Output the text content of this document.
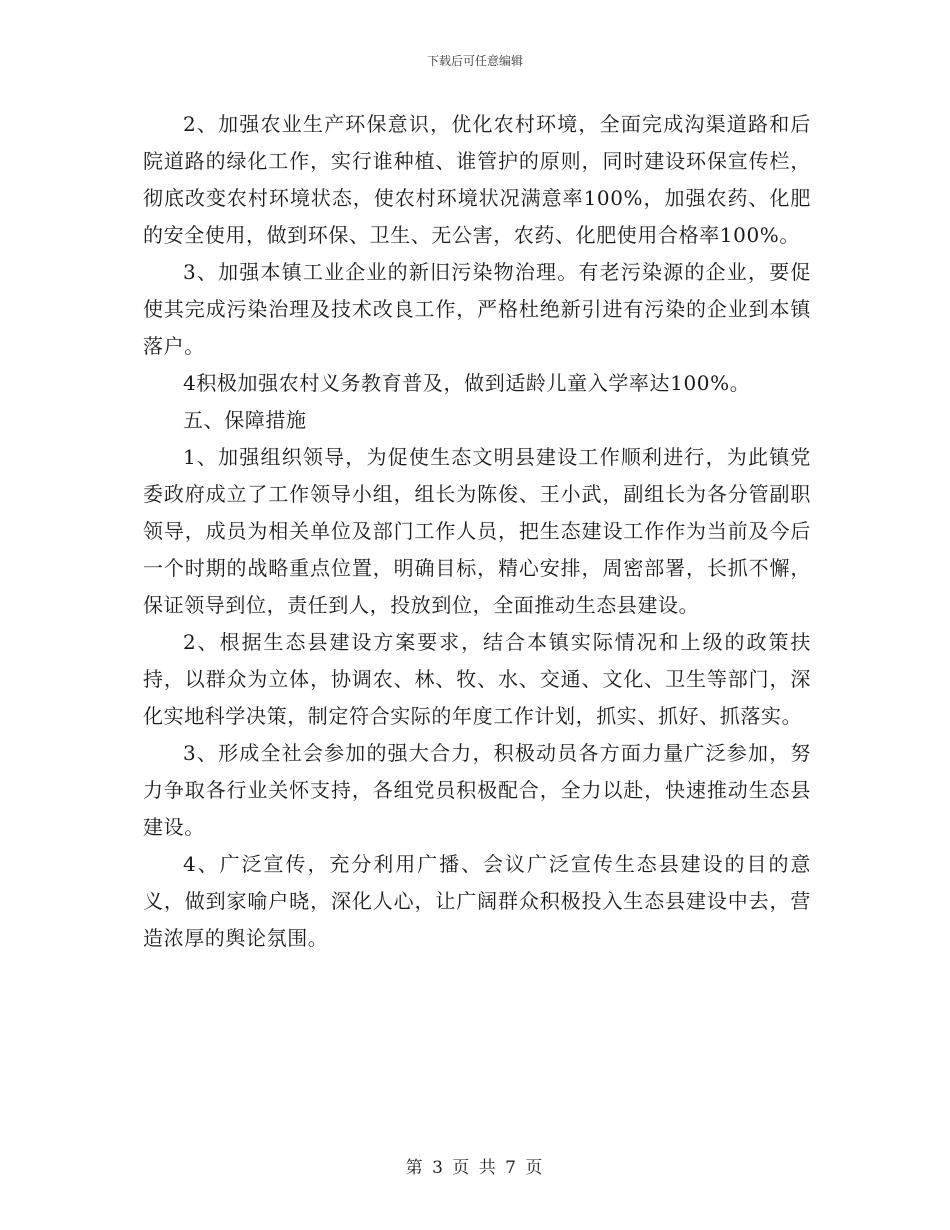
下载后可任意编辑

2、加强农业生产环保意识，优化农村环境，全面完成沟渠道路和后院道路的绿化工作，实行谁种植、谁管护的原则，同时建设环保宣传栏，彻底改变农村环境状态，使农村环境状况满意率100%，加强农药、化肥的安全使用，做到环保、卫生、无公害，农药、化肥使用合格率100%。

3、加强本镇工业企业的新旧污染物治理。有老污染源的企业，要促使其完成污染治理及技术改良工作，严格杜绝新引进有污染的企业到本镇落户。

4积极加强农村义务教育普及，做到适龄儿童入学率达100%。

五、保障措施

1、加强组织领导，为促使生态文明县建设工作顺利进行，为此镇党委政府成立了工作领导小组，组长为陈俊、王小武，副组长为各分管副职领导，成员为相关单位及部门工作人员，把生态建设工作作为当前及今后一个时期的战略重点位置，明确目标，精心安排，周密部署，长抓不懈，保证领导到位，责任到人，投放到位，全面推动生态县建设。

2、根据生态县建设方案要求，结合本镇实际情况和上级的政策扶持，以群众为立体，协调农、林、牧、水、交通、文化、卫生等部门，深化实地科学决策，制定符合实际的年度工作计划，抓实、抓好、抓落实。

3、形成全社会参加的强大合力，积极动员各方面力量广泛参加，努力争取各行业关怀支持，各组党员积极配合，全力以赴，快速推动生态县建设。

4、广泛宣传，充分利用广播、会议广泛宣传生态县建设的目的意义，做到家喻户晓，深化人心，让广阔群众积极投入生态县建设中去，营造浓厚的舆论氛围。

第 3 页 共 7 页
